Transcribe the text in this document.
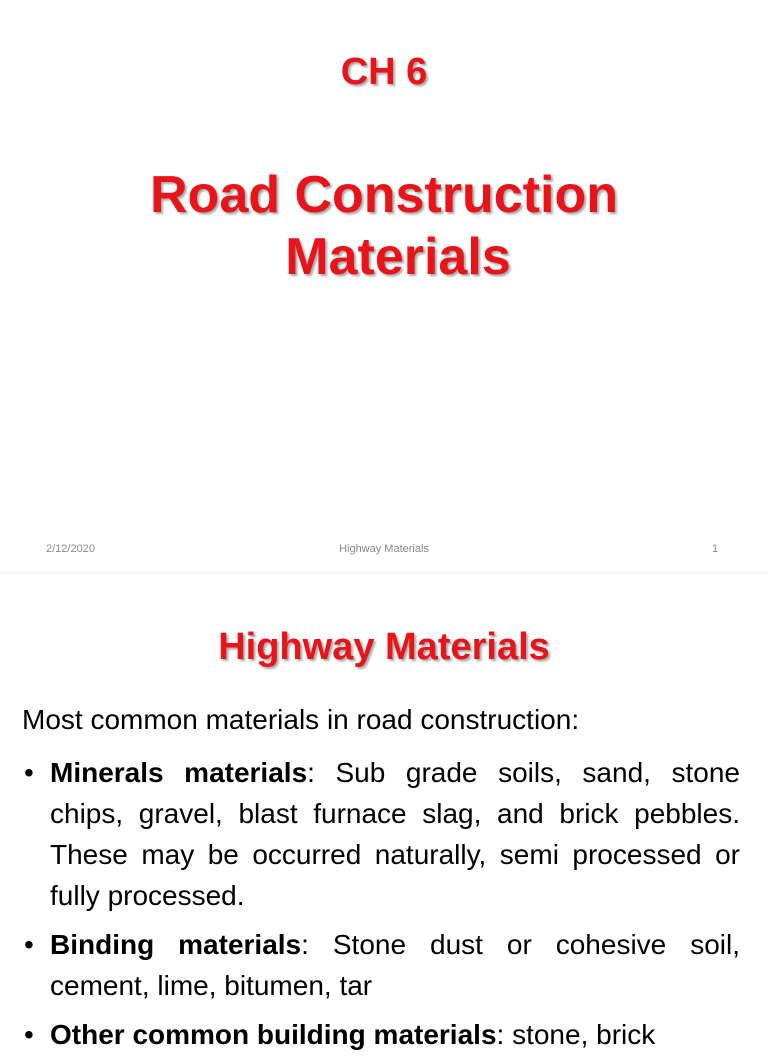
CH 6
Road Construction
Materials
2/12/2020	Highway Materials	1
Highway Materials

Most common materials in road construction:

• Minerals materials: Sub grade soils, sand, stone chips, gravel, blast furnace slag, and brick pebbles. These may be occurred naturally, semi processed or fully processed.
• Binding materials: Stone dust or cohesive soil, cement, lime, bitumen, tar
• Other common building materials: stone, brick
